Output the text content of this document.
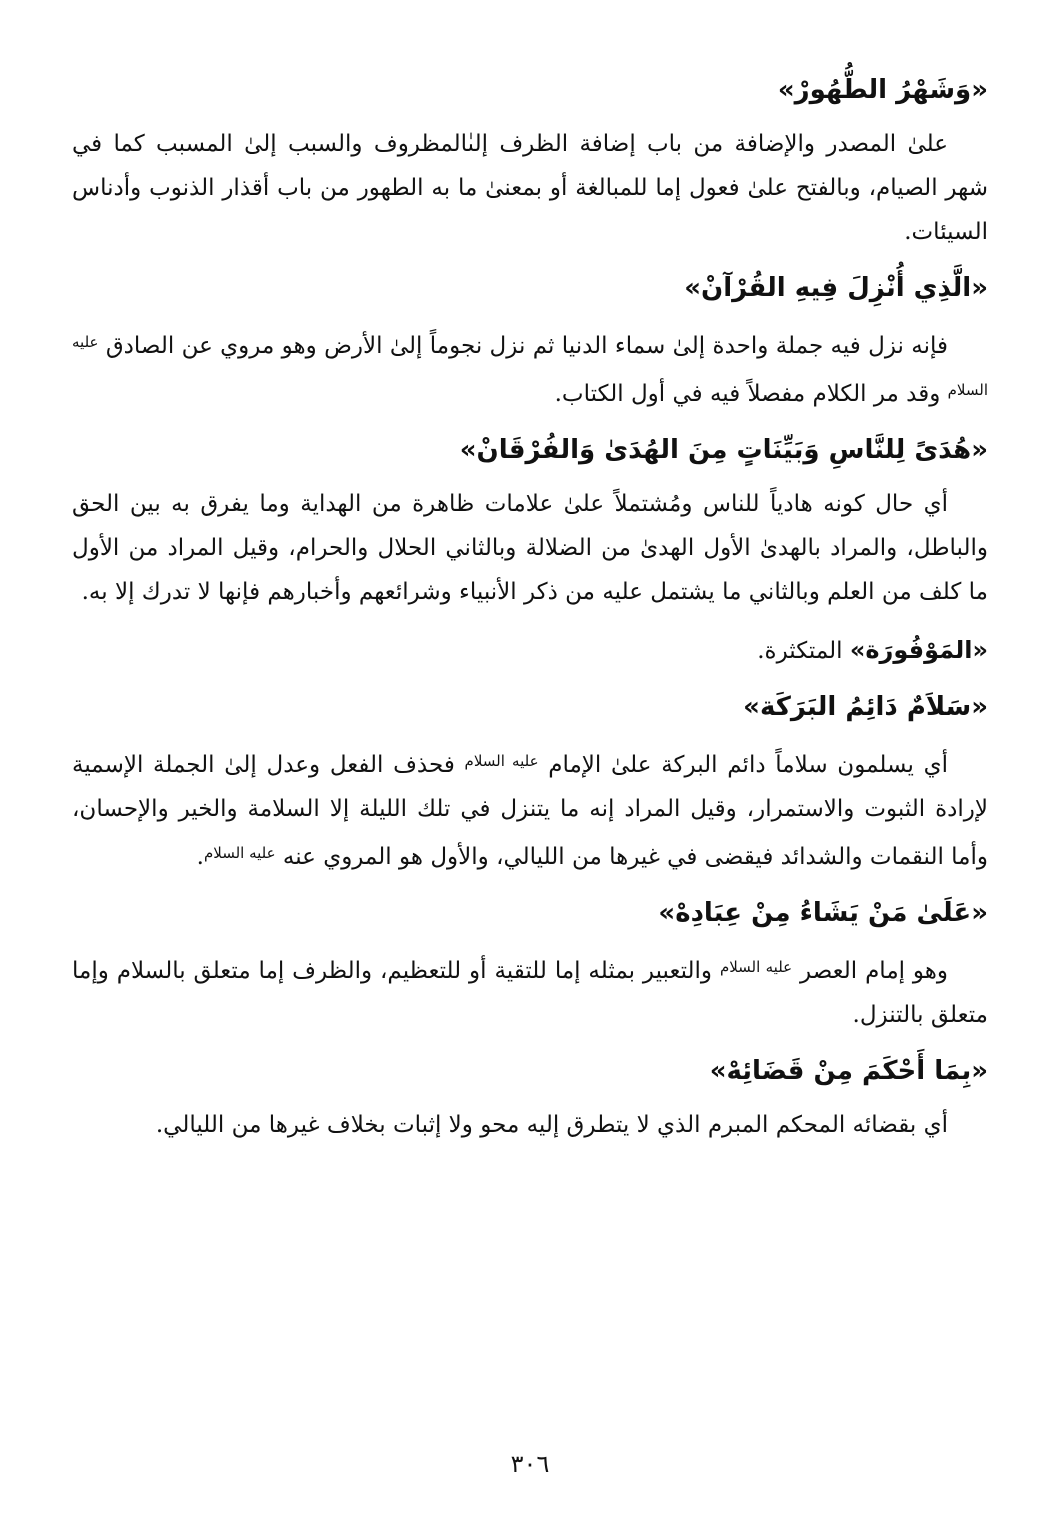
«وَشَهْرُ الطُّهُورْ»

علىٰ المصدر والإضافة من باب إضافة الظرف إلىٰالمظروف والسبب إلىٰ المسبب كما في شهر الصيام، وبالفتح علىٰ فعول إما للمبالغة أو بمعنىٰ ما به الطهور من باب أقذار الذنوب وأدناس السيئات.

«الَّذِي أُنْزِلَ فِيهِ القُرْآنْ»

فإنه نزل فيه جملة واحدة إلىٰ سماء الدنيا ثم نزل نجوماً إلىٰ الأرض وهو مروي عن الصادق $^{عليه السلام}$ وقد مر الكلام مفصلاً فيه في أول الكتاب.

«هُدَىً لِلنَّاسِ وَبَيِّنَاتٍ مِنَ الهُدَىٰ وَالفُرْقَانْ»

أي حال كونه هادياً للناس ومُشتملاً علىٰ علامات ظاهرة من الهداية وما يفرق به بين الحق والباطل، والمراد بالهدىٰ الأول الهدىٰ من الضلالة وبالثاني الحلال والحرام، وقيل المراد من الأول ما كلف من العلم وبالثاني ما يشتمل عليه من ذكر الأنبياء وشرائعهم وأخبارهم فإنها لا تدرك إلا به.

«المَوْفُورَة» المتكثرة.

«سَلاَمٌ دَائِمُ البَرَكَة»

أي يسلمون سلاماً دائم البركة علىٰ الإمام $^{عليه السلام}$ فحذف الفعل وعدل إلىٰ الجملة الإسمية لإرادة الثبوت والاستمرار، وقيل المراد إنه ما يتنزل في تلك الليلة إلا السلامة والخير والإحسان، وأما النقمات والشدائد فيقضى في غيرها من الليالي، والأول هو المروي عنه $^{عليه السلام}$.

«عَلَىٰ مَنْ يَشَاءُ مِنْ عِبَادِهْ»

وهو إمام العصر $^{عليه السلام}$ والتعبير بمثله إما للتقية أو للتعظيم، والظرف إما متعلق بالسلام وإما متعلق بالتنزل.

«بِمَا أَحْكَمَ مِنْ قَضَائِهْ»

أي بقضائه المحكم المبرم الذي لا يتطرق إليه محو ولا إثبات بخلاف غيرها من الليالي.

٣٠٦
